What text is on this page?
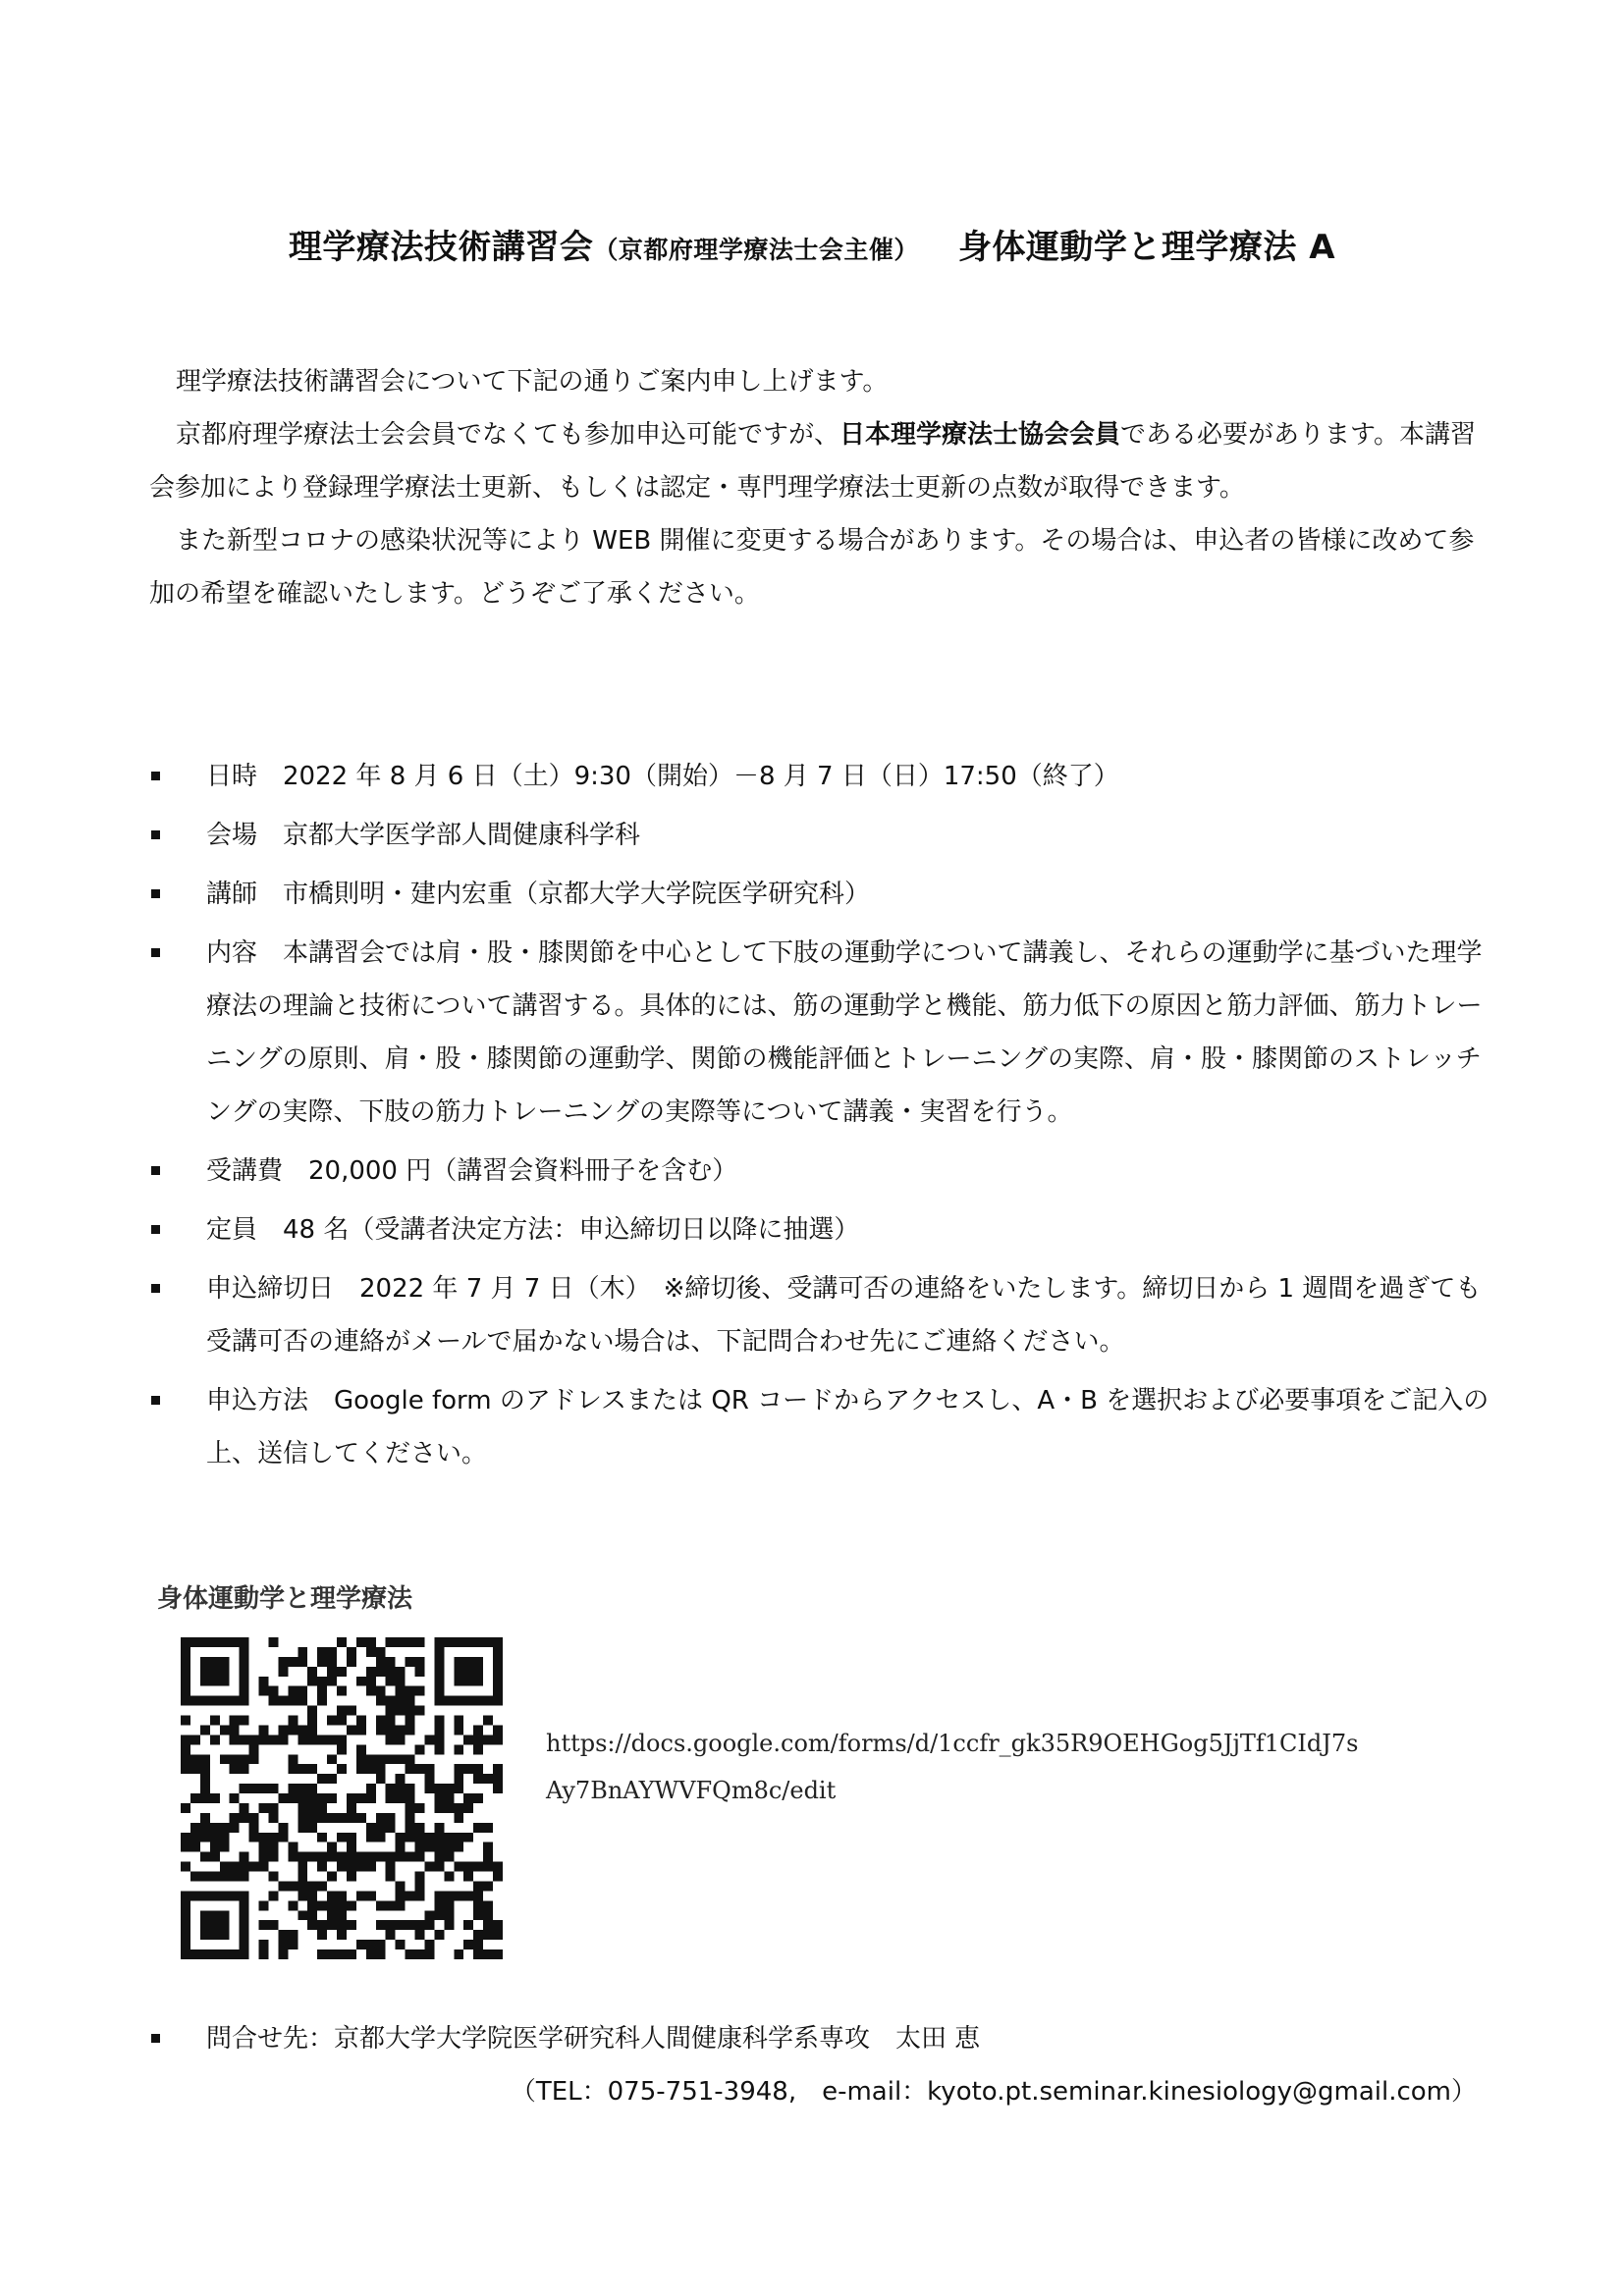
理学療法技術講習会（京都府理学療法士会主催） 身体運動学と理学療法 A

理学療法技術講習会について下記の通りご案内申し上げます。

京都府理学療法士会会員でなくても参加申込可能ですが、日本理学療法士協会会員である必要があります。本講習会参加により登録理学療法士更新、もしくは認定・専門理学療法士更新の点数が取得できます。

また新型コロナの感染状況等により WEB 開催に変更する場合があります。その場合は、申込者の皆様に改めて参加の希望を確認いたします。どうぞご了承ください。

日時　2022 年 8 月 6 日（土）9:30（開始）－8 月 7 日（日）17:50（終了）
会場　京都大学医学部人間健康科学科
講師　市橋則明・建内宏重（京都大学大学院医学研究科）
内容　本講習会では肩・股・膝関節を中心として下肢の運動学について講義し、それらの運動学に基づいた理学療法の理論と技術について講習する。具体的には、筋の運動学と機能、筋力低下の原因と筋力評価、筋力トレーニングの原則、肩・股・膝関節の運動学、関節の機能評価とトレーニングの実際、肩・股・膝関節のストレッチングの実際、下肢の筋力トレーニングの実際等について講義・実習を行う。
受講費　20,000 円（講習会資料冊子を含む）
定員　48 名（受講者決定方法：申込締切日以降に抽選）
申込締切日　2022 年 7 月 7 日（木）　※締切後、受講可否の連絡をいたします。締切日から 1 週間を過ぎても受講可否の連絡がメールで届かない場合は、下記問合わせ先にご連絡ください。
申込方法　Google form のアドレスまたは QR コードからアクセスし、A・B を選択および必要事項をご記入の上、送信してください。
身体運動学と理学療法
https://docs.google.com/forms/d/1ccfr_gk35R9OEHGog5JjTf1CIdJ7s
Ay7BnAYWVFQm8c/edit
問合せ先：京都大学大学院医学研究科人間健康科学系専攻　太田 恵
（TEL：075-751-3948,　e-mail：kyoto.pt.seminar.kinesiology@gmail.com）
